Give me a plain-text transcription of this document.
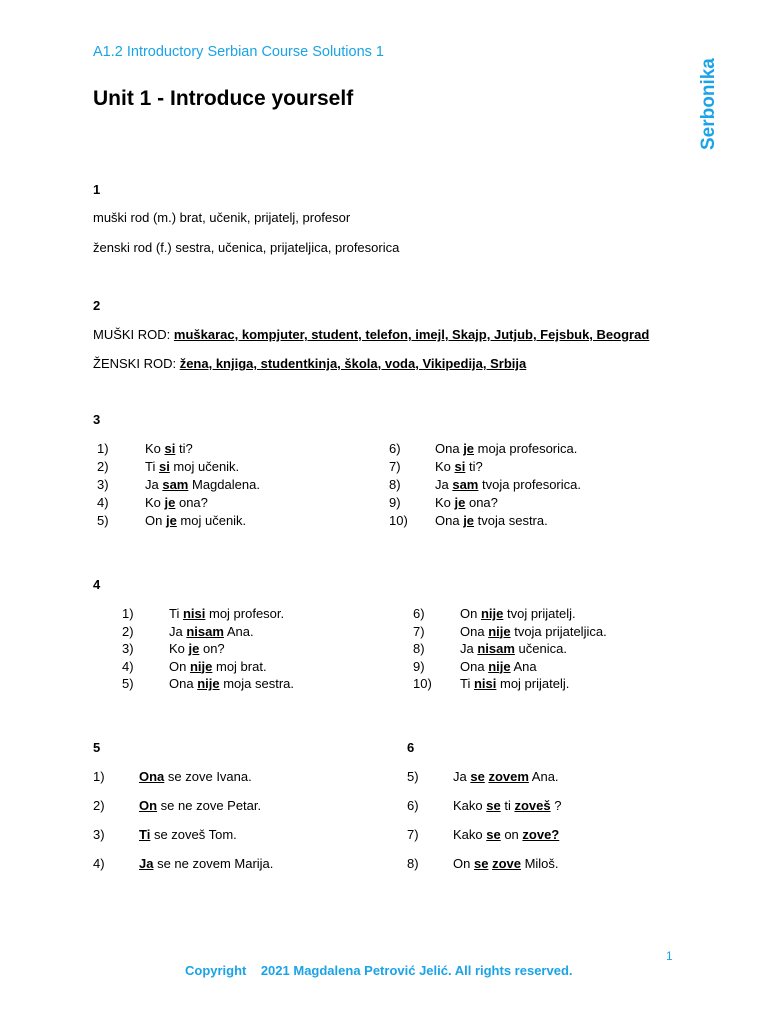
A1.2 Introductory Serbian Course Solutions 1
Unit 1 - Introduce yourself	Serbonika
1
muški rod (m.) brat, učenik, prijatelj, profesor
ženski rod (f.) sestra, učenica, prijateljica, profesorica
2
MUŠKI ROD: muškarac, kompjuter, student, telefon, imejl, Skajp, Jutjub, Fejsbuk, Beograd
ŽENSKI ROD: žena, knjiga, studentkinja, škola, voda, Vikipedija, Srbija
3
1)	Ko si ti?
2)	Ti si moj učenik.
3)	Ja sam Magdalena.
4)	Ko je ona?
5)	On je moj učenik.
6)	Ona je moja profesorica.
7)	Ko si ti?
8)	Ja sam tvoja profesorica.
9)	Ko je ona?
10) Ona je tvoja sestra.
4
1)	Ti nisi moj profesor.
2)	Ja nisam Ana.
3)	Ko je on?
4)	On nije moj brat.
5)	Ona nije moja sestra.
6)	On nije tvoj prijatelj.
7)	Ona nije tvoja prijateljica.
8)	Ja nisam učenica.
9)	Ona nije Ana
10) Ti nisi moj prijatelj.
5	6
1)	Ona se zove Ivana.
2)	On se ne zove Petar.
3)	Ti se zoveš Tom.
4)	Ja se ne zovem Marija.
5)	Ja se zovem Ana.
6)	Kako se ti zoveš ?
7)	Kako se on zove?
8)	On se zove Miloš.
1
Copyright    2021 Magdalena Petrović Jelić. All rights reserved.
